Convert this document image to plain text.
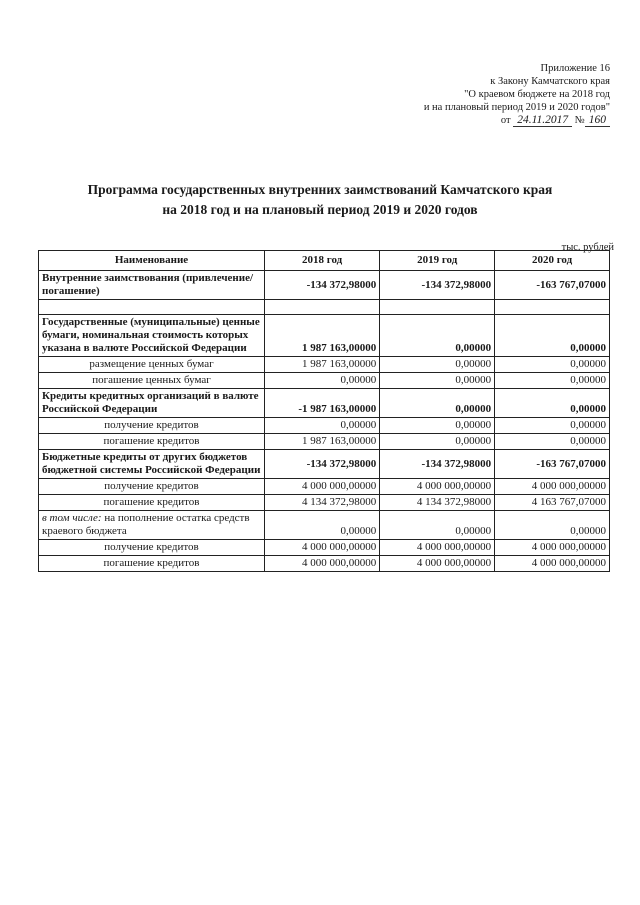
Приложение 16
к Закону Камчатского края
"О краевом бюджете на 2018 год
и на плановый период 2019 и 2020 годов"
от 24.11.2017 № 160
Программа государственных внутренних заимствований Камчатского края
на 2018 год и на плановый период 2019 и 2020 годов
тыс. рублей
Наименование	2018 год	2019 год	2020 год
Внутренние заимствования (привлечение/погашение)	-134 372,98000	-134 372,98000	-163 767,07000

Государственные (муниципальные) ценные бумаги, номинальная стоимость которых указана в валюте Российской Федерации	1 987 163,00000	0,00000	0,00000
размещение ценных бумаг	1 987 163,00000	0,00000	0,00000
погашение ценных бумаг	0,00000	0,00000	0,00000
Кредиты кредитных организаций в валюте Российской Федерации	-1 987 163,00000	0,00000	0,00000
получение кредитов	0,00000	0,00000	0,00000
погашение кредитов	1 987 163,00000	0,00000	0,00000
Бюджетные кредиты от других бюджетов бюджетной системы Российской Федерации	-134 372,98000	-134 372,98000	-163 767,07000
получение кредитов	4 000 000,00000	4 000 000,00000	4 000 000,00000
погашение кредитов	4 134 372,98000	4 134 372,98000	4 163 767,07000
в том числе: на пополнение остатка средств краевого бюджета	0,00000	0,00000	0,00000
получение кредитов	4 000 000,00000	4 000 000,00000	4 000 000,00000
погашение кредитов	4 000 000,00000	4 000 000,00000	4 000 000,00000
